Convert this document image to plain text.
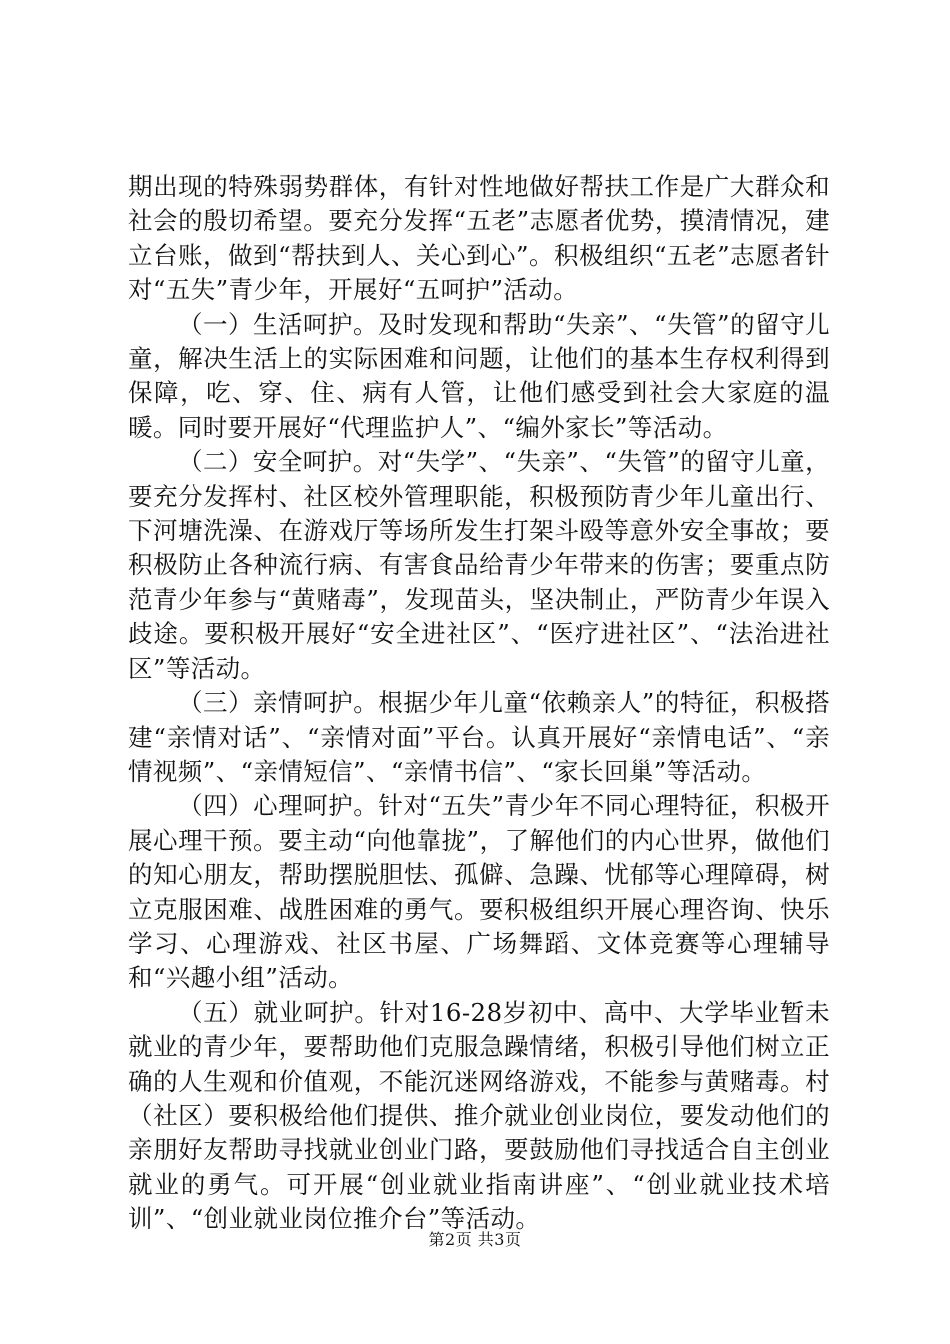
期出现的特殊弱势群体，有针对性地做好帮扶工作是广大群众和社会的殷切希望。要充分发挥“五老”志愿者优势，摸清情况，建立台账，做到“帮扶到人、关心到心”。积极组织“五老”志愿者针对“五失”青少年，开展好“五呵护”活动。

（一）生活呵护。及时发现和帮助“失亲”、“失管”的留守儿童，解决生活上的实际困难和问题，让他们的基本生存权利得到保障，吃、穿、住、病有人管，让他们感受到社会大家庭的温暖。同时要开展好“代理监护人”、“编外家长”等活动。

（二）安全呵护。对“失学”、“失亲”、“失管”的留守儿童，要充分发挥村、社区校外管理职能，积极预防青少年儿童出行、下河塘洗澡、在游戏厅等场所发生打架斗殴等意外安全事故；要积极防止各种流行病、有害食品给青少年带来的伤害；要重点防范青少年参与“黄赌毒”，发现苗头，坚决制止，严防青少年误入歧途。要积极开展好“安全进社区”、“医疗进社区”、“法治进社区”等活动。

（三）亲情呵护。根据少年儿童“依赖亲人”的特征，积极搭建“亲情对话”、“亲情对面”平台。认真开展好“亲情电话”、“亲情视频”、“亲情短信”、“亲情书信”、“家长回巢”等活动。

（四）心理呵护。针对“五失”青少年不同心理特征，积极开展心理干预。要主动“向他靠拢”，了解他们的内心世界，做他们的知心朋友，帮助摆脱胆怯、孤僻、急躁、忧郁等心理障碍，树立克服困难、战胜困难的勇气。要积极组织开展心理咨询、快乐学习、心理游戏、社区书屋、广场舞蹈、文体竞赛等心理辅导和“兴趣小组”活动。

（五）就业呵护。针对16-28岁初中、高中、大学毕业暂未就业的青少年，要帮助他们克服急躁情绪，积极引导他们树立正确的人生观和价值观，不能沉迷网络游戏，不能参与黄赌毒。村（社区）要积极给他们提供、推介就业创业岗位，要发动他们的亲朋好友帮助寻找就业创业门路，要鼓励他们寻找适合自主创业就业的勇气。可开展“创业就业指南讲座”、“创业就业技术培训”、“创业就业岗位推介台”等活动。

第2页 共3页
